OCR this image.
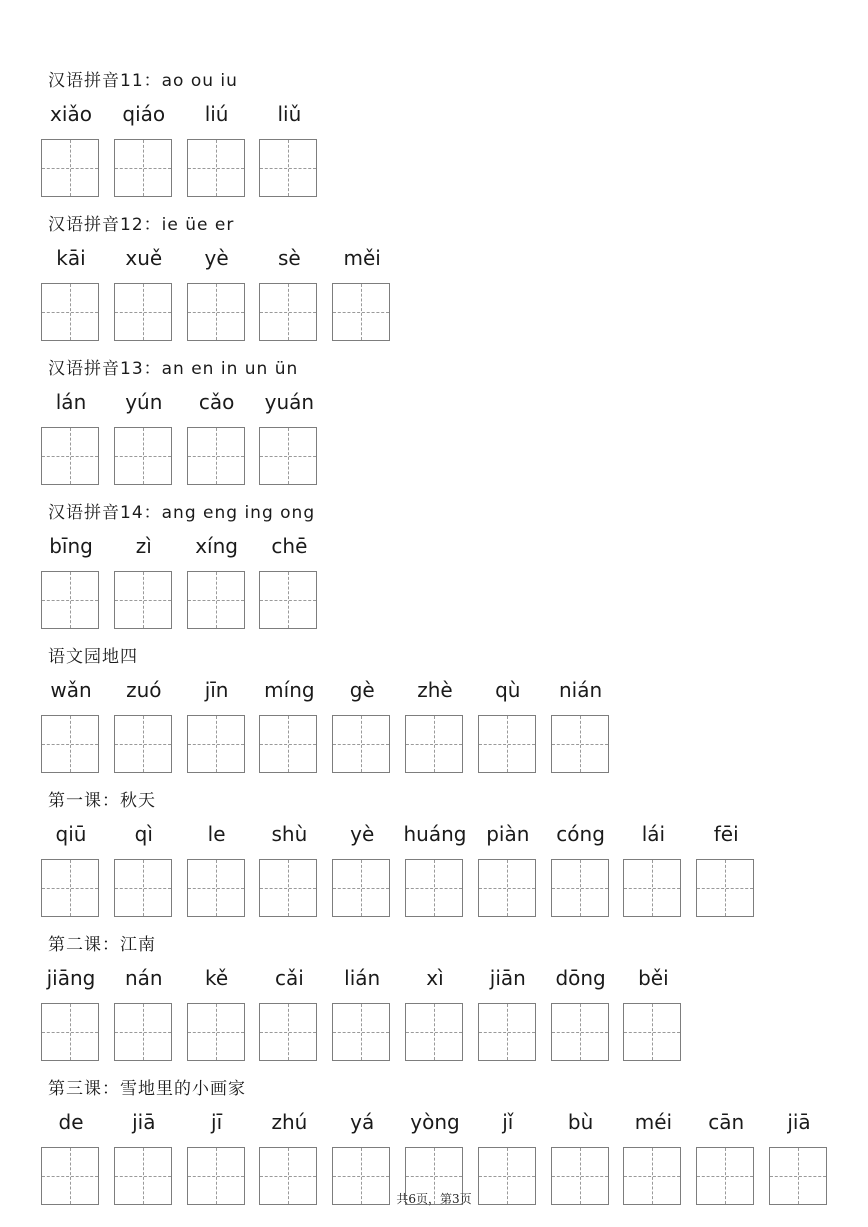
汉语拼音11：ao ou iu
xiǎo	qiáo	liú	liǔ
汉语拼音12：ie üe er
kāi	xuě	yè	sè	měi
汉语拼音13：an en in un ün
lán	yún	cǎo	yuán
汉语拼音14：ang eng ing ong
bīng	zì	xíng	chē
语文园地四
wǎn	zuó	jīn	míng	gè	zhè	qù	nián
第一课：秋天
qiū	qì	le	shù	yè	huáng piàn	cóng	lái	fēi
第二课：江南
jiāng	nán	kě	cǎi	lián	xì	jiān	dōng	běi
第三课：雪地里的小画家
de	jiā	jī	zhú	yá	yòng	jǐ	bù	méi	cān	jiā
共6页，第3页
